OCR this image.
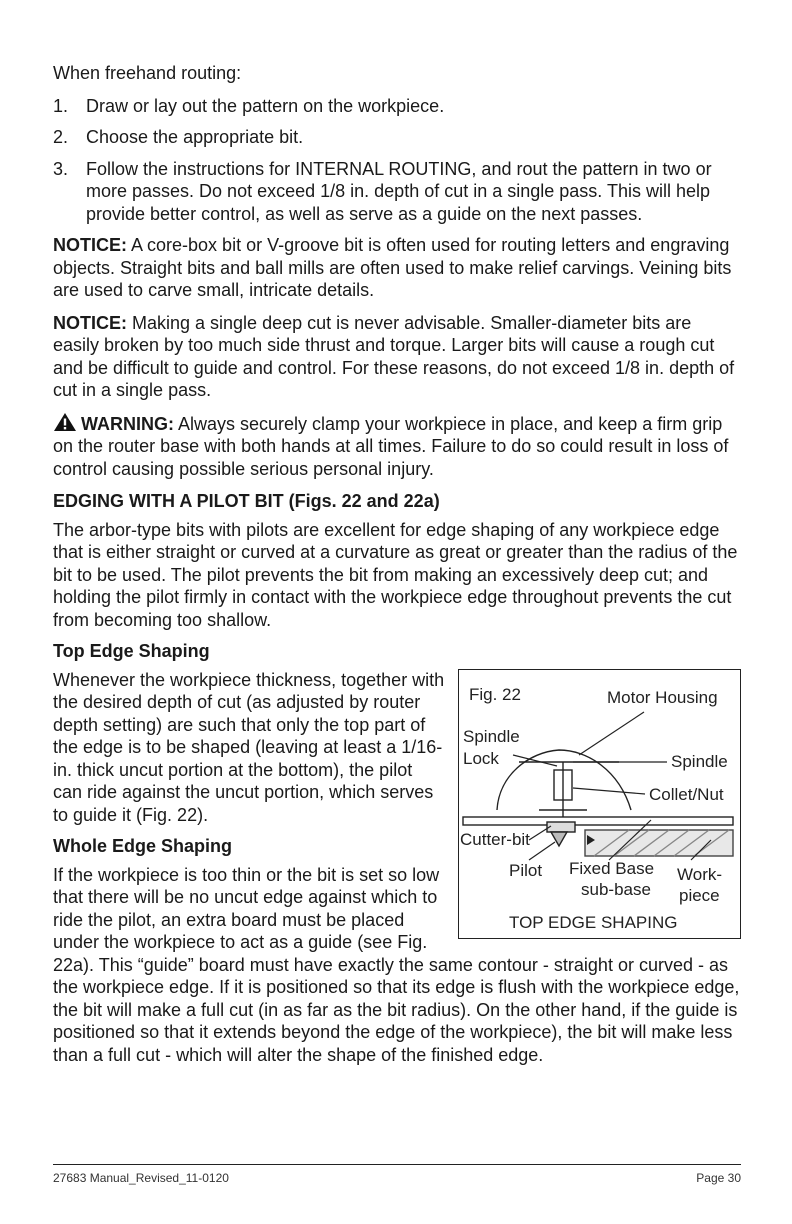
When freehand routing:

1. Draw or lay out the pattern on the workpiece.
2. Choose the appropriate bit.
3. Follow the instructions for INTERNAL ROUTING, and rout the pattern in two or more passes. Do not exceed 1/8 in. depth of cut in a single pass. This will help provide better control, as well as serve as a guide on the next passes.

NOTICE: A core-box bit or V-groove bit is often used for routing letters and engraving objects. Straight bits and ball mills are often used to make relief carvings. Veining bits are used to carve small, intricate details.

NOTICE: Making a single deep cut is never advisable. Smaller-diameter bits are easily broken by too much side thrust and torque. Larger bits will cause a rough cut and be difficult to guide and control. For these reasons, do not exceed 1/8 in. depth of cut in a single pass.

WARNING: Always securely clamp your workpiece in place, and keep a firm grip on the router base with both hands at all times. Failure to do so could result in loss of control causing possible serious personal injury.

EDGING WITH A PILOT BIT (Figs. 22 and 22a)

The arbor-type bits with pilots are excellent for edge shaping of any workpiece edge that is either straight or curved at a curvature as great or greater than the radius of the bit to be used. The pilot prevents the bit from making an excessively deep cut; and holding the pilot firmly in contact with the workpiece edge throughout prevents the cut from becoming too shallow.

Top Edge Shaping
Fig. 22	Motor Housing
Spindle
Lock	Spindle
Collet/Nut
Cutter-bit
Pilot Fixed Base
sub-base
Work-
piece
TOP EDGE SHAPING

Whenever the workpiece thickness, together with the desired depth of cut (as adjusted by router depth setting) are such that only the top part of the edge is to be shaped (leaving at least a 1/16-in. thick uncut portion at the bottom), the pilot can ride against the uncut portion, which serves to guide it (Fig. 22).

Whole Edge Shaping

If the workpiece is too thin or the bit is set so low that there will be no uncut edge against which to ride the pilot, an extra board must be placed under the workpiece to act as a guide (see Fig. 22a). This “guide” board must have exactly the same contour - straight or curved - as the workpiece edge. If it is positioned so that its edge is flush with the workpiece edge, the bit will make a full cut (in as far as the bit radius). On the other hand, if the guide is positioned so that it extends beyond the edge of the workpiece), the bit will make less than a full cut - which will alter the shape of the finished edge.

27683 Manual_Revised_11-0120	Page 30
